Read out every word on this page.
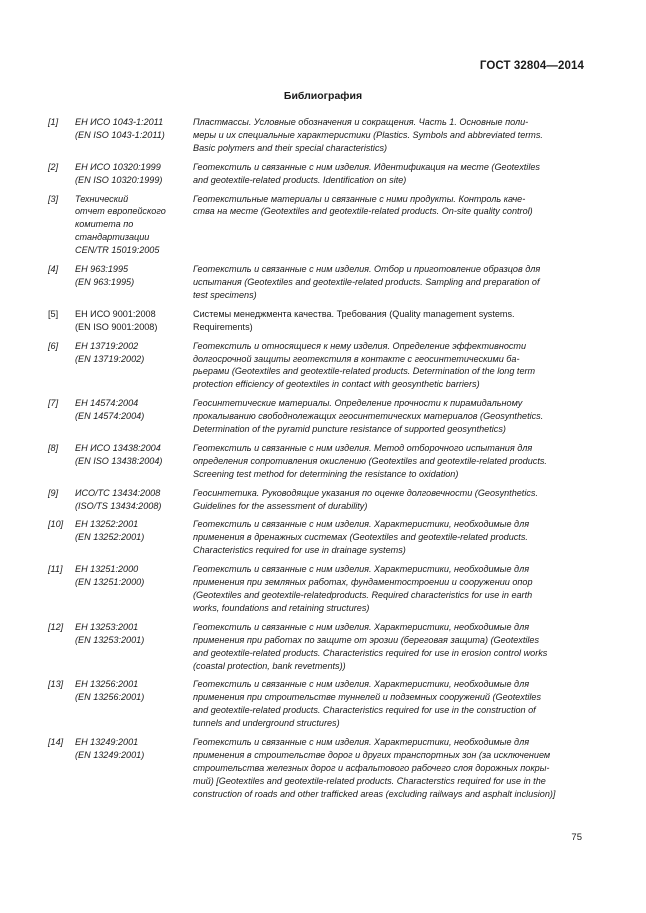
ГОСТ 32804—2014
Библиография
[1]	ЕН ИСО 1043-1:2011
(EN ISO 1043-1:2011)
Пластмассы. Условные обозначения и сокращения. Часть 1. Основные поли-
меры и их специальные характеристики (Plastics. Symbols and abbreviated terms.
Basic polymers and their special characteristics)
[2]	ЕН ИСО 10320:1999
(EN ISO 10320:1999)
Геотекстиль и связанные с ним изделия. Идентификация на месте (Geotextiles
and geotextile-related products. Identification on site)
[3]	Технический
отчет европейского
комитета по
стандартизации
CEN/TR 15019:2005
Геотекстильные материалы и связанные с ними продукты. Контроль каче-
ства на месте (Geotextiles and geotextile-related products. On-site quality control)
[4]	ЕН 963:1995
(EN 963:1995)
Геотекстиль и связанные с ним изделия. Отбор и приготовление образцов для
испытания (Geotextiles and geotextile-related products. Sampling and preparation of
test specimens)
[5]	ЕН ИСО 9001:2008
(EN ISO 9001:2008)
Системы менеджмента качества. Требования (Quality management systems.
Requirements)
[6]	ЕН 13719:2002
(EN 13719:2002)
Геотекстиль и относящиеся к нему изделия. Определение эффективности
долгосрочной защиты геотекстиля в контакте с геосинтетическими ба-
рьерами (Geotextiles and geotextile-related products. Determination of the long term
protection efficiency of geotextiles in contact with geosynthetic barriers)
[7]	ЕН 14574:2004
(EN 14574:2004)
Геосинтетические материалы. Определение прочности к пирамидальному
прокалыванию свободнолежащих геосинтетических материалов (Geosynthetics.
Determination of the pyramid puncture resistance of supported geosynthetics)
[8]	ЕН ИСО 13438:2004
(EN ISO 13438:2004)
Геотекстиль и связанные с ним изделия. Метод отборочного испытания для
определения сопротивления окислению (Geotextiles and geotextile-related products.
Screening test method for determining the resistance to oxidation)
[9]	ИСО/ТС 13434:2008
(ISO/TS 13434:2008)
Геосинтетика. Руководящие указания по оценке долговечности (Geosynthetics.
Guidelines for the assessment of durability)
[10]	ЕН 13252:2001
(EN 13252:2001)
Геотекстиль и связанные с ним изделия. Характеристики, необходимые для
применения в дренажных системах (Geotextiles and geotextile-related products.
Characteristics required for use in drainage systems)
[11]	ЕН 13251:2000
(EN 13251:2000)
Геотекстиль и связанные с ним изделия. Характеристики, необходимые для
применения при земляных работах, фундаментостроении и сооружении опор
(Geotextiles and geotextile-relatedproducts. Required characteristics for use in earth
works, foundations and retaining structures)
[12]	ЕН 13253:2001
(EN 13253:2001)
Геотекстиль и связанные с ним изделия. Характеристики, необходимые для
применения при работах по защите от эрозии (береговая защита) (Geotextiles
and geotextile-related products. Characteristics required for use in erosion control works
(coastal protection, bank revetments))
[13]	ЕН 13256:2001
(EN 13256:2001)
Геотекстиль и связанные с ним изделия. Характеристики, необходимые для
применения при строительстве туннелей и подземных сооружений (Geotextiles
and geotextile-related products. Characteristics required for use in the construction of
tunnels and underground structures)
[14]	ЕН 13249:2001
(EN 13249:2001)
Геотекстиль и связанные с ним изделия. Характеристики, необходимые для
применения в строительстве дорог и других транспортных зон (за исключением
строительства железных дорог и асфальтового рабочего слоя дорожных покры-
тий) [Geotextiles and geotextile-related products. Characterstics required for use in the
construction of roads and other trafficked areas (excluding railways and asphalt inclusion)]
75
